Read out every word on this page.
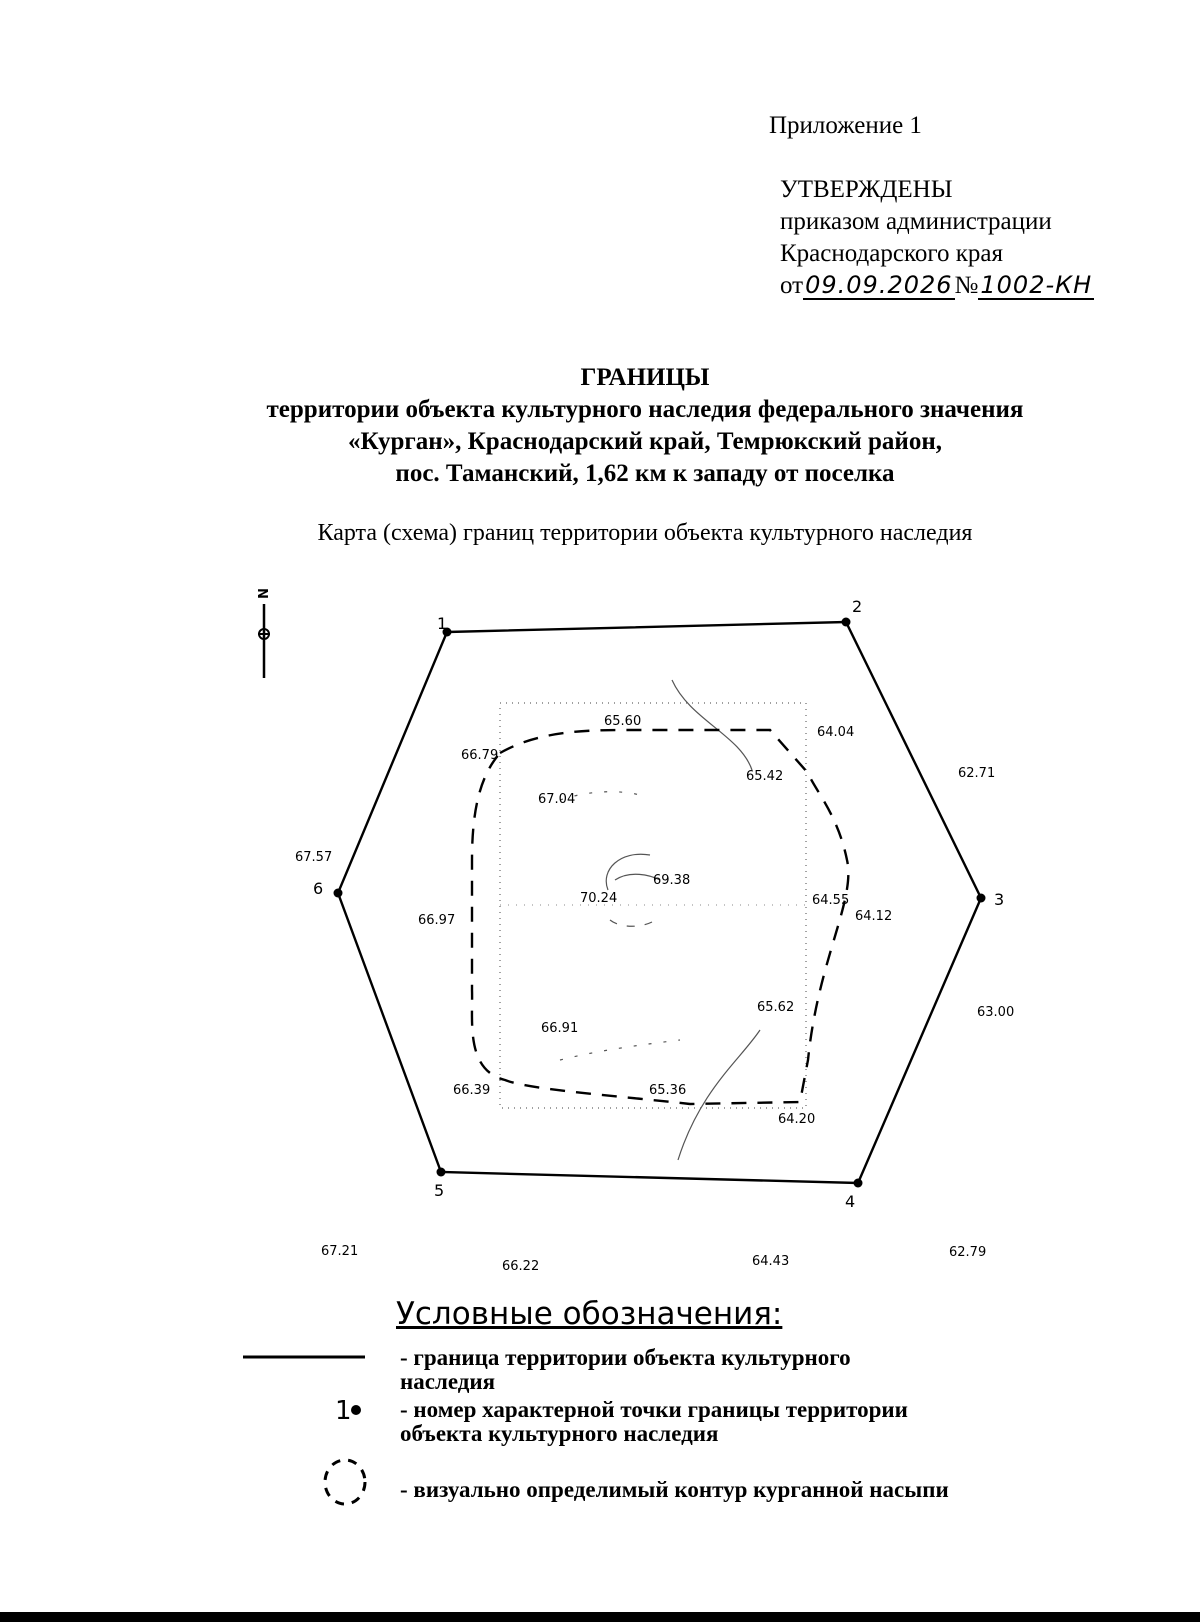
Приложение 1
УТВЕРЖДЕНЫ
приказом администрации
Краснодарского края
от09.09.2026№1002-КН
ГРАНИЦЫ
территории объекта культурного наследия федерального значения
«Курган», Краснодарский край, Темрюкский район,
пос. Таманский, 1,62 км к западу от поселка
Карта (схема) границ территории объекта культурного наследия
N
1
2
3
4
5
6
65.60
64.04
66.79
65.42	62.71
67.04
67.57
69.38
70.24	64.55
64.12
66.97
65.62	63.00
66.91
66.39	65.36
64.20
67.21
66.22	64.43
62.79
Условные обозначения:
- граница территории объекта культурного
наследия
1 - номер характерной точки границы территории
объекта культурного наследия
- визуально определимый контур курганной насыпи
